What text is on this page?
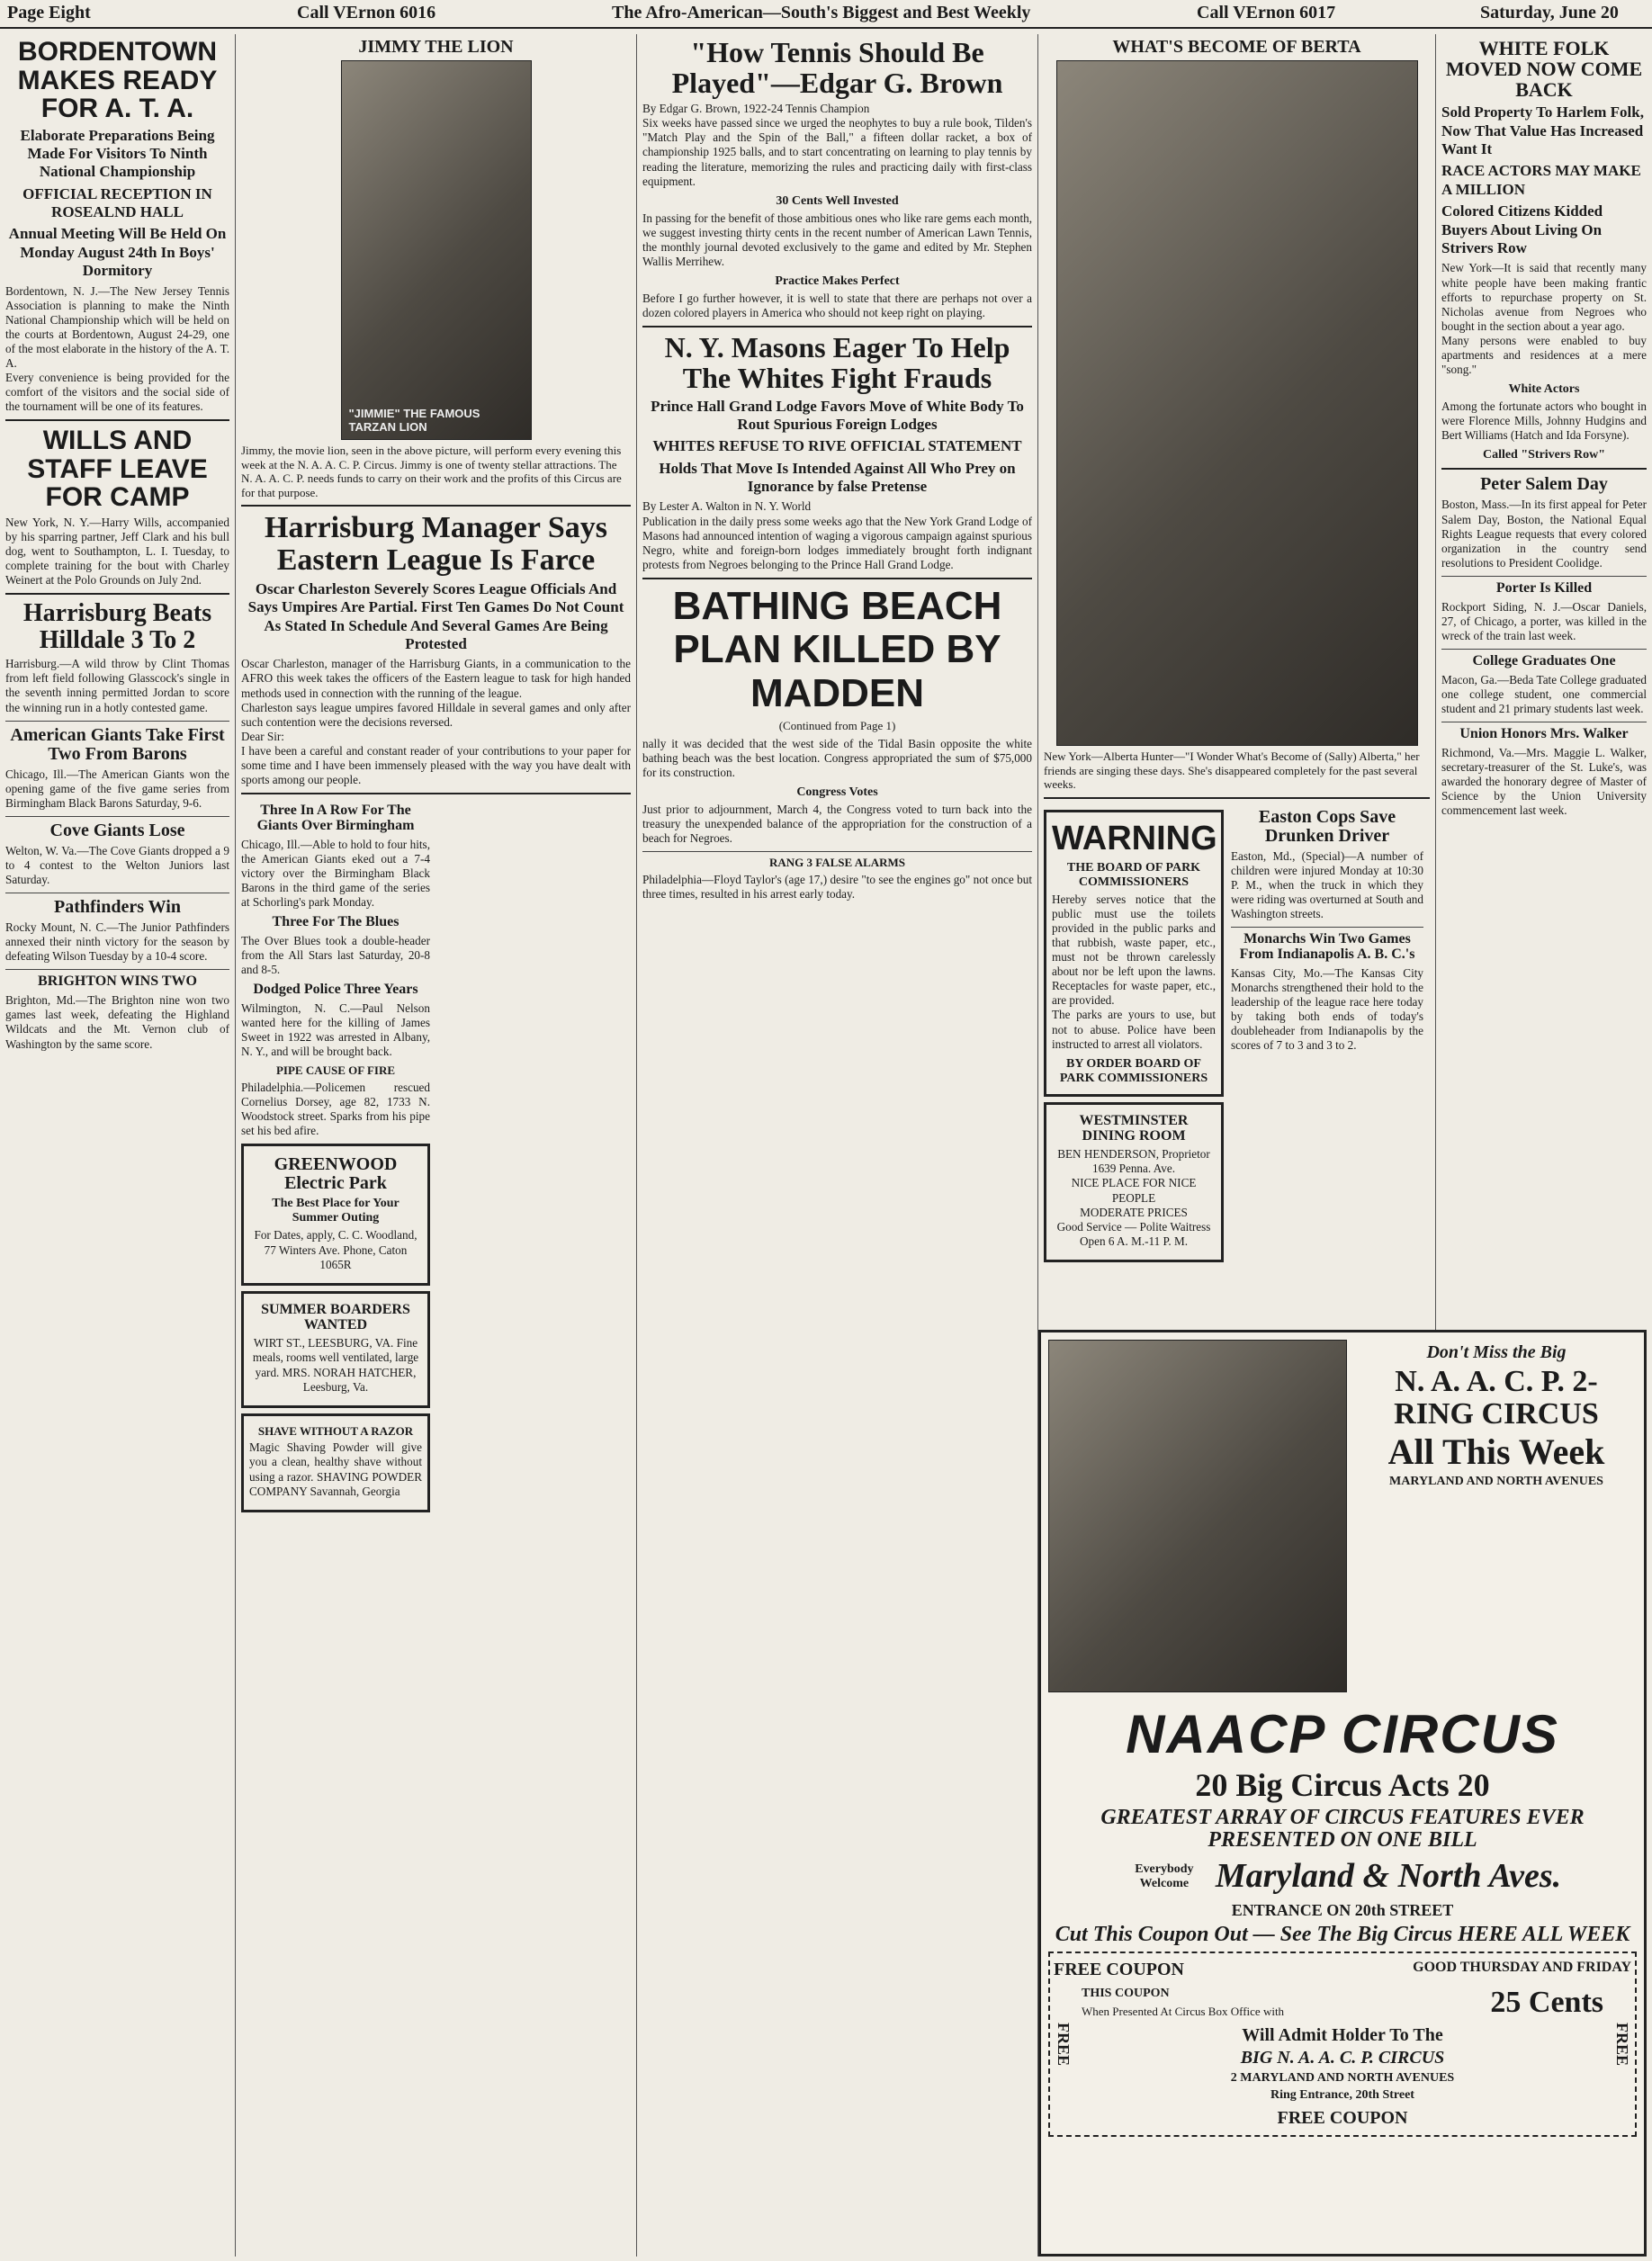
Page Eight	Call VErnon 6016	The Afro-American—South's Biggest and Best Weekly	Call VErnon 6017	Saturday, June 20
BORDENTOWN MAKES READY FOR A. T. A.
Elaborate Preparations Being Made For Visitors To Ninth National Championship
OFFICIAL RECEPTION IN ROSEALND HALL
Annual Meeting Will Be Held On Monday August 24th In Boys' Dormitory
Bordentown, N. J.—The New Jersey Tennis Association is planning to make the Ninth National Championship which will be held on the courts at Bordentown, August 24-29, one of the most elaborate in the history of the A. T. A.
Every convenience is being provided for the comfort of the visitors and the social side of the tournament will be one of its features.
WILLS AND STAFF LEAVE FOR CAMP
New York, N. Y.—Harry Wills, accompanied by his sparring partner, Jeff Clark and his bull dog, went to Southampton, L. I. Tuesday, to complete training for the bout with Charley Weinert at the Polo Grounds on July 2nd.
Harrisburg Beats Hilldale 3 To 2
Harrisburg.—A wild throw by Clint Thomas from left field following Glasscock's single in the seventh inning permitted Jordan to score the winning run in a hotly contested game.
American Giants Take First Two From Barons
Chicago, Ill.—The American Giants won the opening game of the five game series from Birmingham Black Barons Saturday, 9-6.
Cove Giants Lose
Welton, W. Va.—The Cove Giants dropped a 9 to 4 contest to the Welton Juniors last Saturday.
Pathfinders Win
Rocky Mount, N. C.—The Junior Pathfinders annexed their ninth victory for the season by defeating Wilson Tuesday by a 10-4 score.
BRIGHTON WINS TWO
Brighton, Md.—The Brighton nine won two games last week, defeating the Highland Wildcats and the Mt. Vernon club of Washington by the same score.
JIMMY THE LION
"JIMMIE" THE FAMOUS TARZAN LION
Jimmy, the movie lion, seen in the above picture, will perform every evening this week at the N. A. A. C. P. Circus. Jimmy is one of twenty stellar attractions. The N. A. A. C. P. needs funds to carry on their work and the profits of this Circus are for that purpose.
Harrisburg Manager Says Eastern League Is Farce
Oscar Charleston Severely Scores League Officials And Says Umpires Are Partial. First Ten Games Do Not Count As Stated In Schedule And Several Games Are Being Protested
Oscar Charleston, manager of the Harrisburg Giants, in a communication to the AFRO this week takes the officers of the Eastern league to task for high handed methods used in connection with the running of the league.
Charleston says league umpires favored Hilldale in several games and only after such contention were the decisions reversed.
Dear Sir:
I have been a careful and constant reader of your contributions to your paper for some time and I have been immensely pleased with the way you have dealt with sports among our people.
Three In A Row For The Giants Over Birmingham
Chicago, Ill.—Able to hold to four hits, the American Giants eked out a 7-4 victory over the Birmingham Black Barons in the third game of the series at Schorling's park Monday.
Three For The Blues
The Over Blues took a double-header from the All Stars last Saturday, 20-8 and 8-5.
Dodged Police Three Years
Wilmington, N. C.—Paul Nelson wanted here for the killing of James Sweet in 1922 was arrested in Albany, N. Y., and will be brought back.
PIPE CAUSE OF FIRE
Philadelphia.—Policemen rescued Cornelius Dorsey, age 82, 1733 N. Woodstock street. Sparks from his pipe set his bed afire.
GREENWOOD Electric Park
The Best Place for Your Summer Outing
For Dates, apply, C. C. Woodland, 77 Winters Ave. Phone, Caton 1065R
SUMMER BOARDERS WANTED
WIRT ST., LEESBURG, VA. Fine meals, rooms well ventilated, large yard. MRS. NORAH HATCHER, Leesburg, Va.
SHAVE WITHOUT A RAZOR
Magic Shaving Powder will give you a clean, healthy shave without using a razor. SHAVING POWDER COMPANY Savannah, Georgia
"How Tennis Should Be Played"—Edgar G. Brown
By Edgar G. Brown, 1922-24 Tennis Champion
Six weeks have passed since we urged the neophytes to buy a rule book, Tilden's "Match Play and the Spin of the Ball," a fifteen dollar racket, a box of championship 1925 balls, and to start concentrating on learning to play tennis by reading the literature, memorizing the rules and practicing daily with first-class equipment.
30 Cents Well Invested
In passing for the benefit of those ambitious ones who like rare gems each month, we suggest investing thirty cents in the recent number of American Lawn Tennis, the monthly journal devoted exclusively to the game and edited by Mr. Stephen Wallis Merrihew.
Practice Makes Perfect
Before I go further however, it is well to state that there are perhaps not over a dozen colored players in America who should not keep right on playing.
N. Y. Masons Eager To Help The Whites Fight Frauds
Prince Hall Grand Lodge Favors Move of White Body To Rout Spurious Foreign Lodges
WHITES REFUSE TO RIVE OFFICIAL STATEMENT
Holds That Move Is Intended Against All Who Prey on Ignorance by false Pretense
By Lester A. Walton in N. Y. World
Publication in the daily press some weeks ago that the New York Grand Lodge of Masons had announced intention of waging a vigorous campaign against spurious Negro, white and foreign-born lodges immediately brought forth indignant protests from Negroes belonging to the Prince Hall Grand Lodge.
BATHING BEACH PLAN KILLED BY MADDEN
(Continued from Page 1)
nally it was decided that the west side of the Tidal Basin opposite the white bathing beach was the best location. Congress appropriated the sum of $75,000 for its construction.
Congress Votes
Just prior to adjournment, March 4, the Congress voted to turn back into the treasury the unexpended balance of the appropriation for the construction of a beach for Negroes.
RANG 3 FALSE ALARMS
Philadelphia—Floyd Taylor's (age 17,) desire "to see the engines go" not once but three times, resulted in his arrest early today.
WHAT'S BECOME OF BERTA
New York—Alberta Hunter—"I Wonder What's Become of (Sally) Alberta," her friends are singing these days. She's disappeared completely for the past several weeks.
WARNING
THE BOARD OF PARK COMMISSIONERS
Hereby serves notice that the public must use the toilets provided in the public parks and that rubbish, waste paper, etc., must not be thrown carelessly about nor be left upon the lawns. Receptacles for waste paper, etc., are provided.
The parks are yours to use, but not to abuse. Police have been instructed to arrest all violators.
BY ORDER BOARD OF PARK COMMISSIONERS
WESTMINSTER DINING ROOM
BEN HENDERSON, Proprietor
1639 Penna. Ave.
NICE PLACE FOR NICE PEOPLE
MODERATE PRICES
Good Service — Polite Waitress
Open 6 A. M.-11 P. M.
Easton Cops Save Drunken Driver
Easton, Md., (Special)—A number of children were injured Monday at 10:30 P. M., when the truck in which they were riding was overturned at South and Washington streets.
Monarchs Win Two Games From Indianapolis A. B. C.'s
Kansas City, Mo.—The Kansas City Monarchs strengthened their hold to the leadership of the league race here today by taking both ends of today's doubleheader from Indianapolis by the scores of 7 to 3 and 3 to 2.
WHITE FOLK MOVED NOW COME BACK
Sold Property To Harlem Folk, Now That Value Has Increased Want It
RACE ACTORS MAY MAKE A MILLION
Colored Citizens Kidded Buyers About Living On Strivers Row
New York—It is said that recently many white people have been making frantic efforts to repurchase property on St. Nicholas avenue from Negroes who bought in the section about a year ago.
Many persons were enabled to buy apartments and residences at a mere "song."
White Actors
Among the fortunate actors who bought in were Florence Mills, Johnny Hudgins and Bert Williams (Hatch and Ida Forsyne).
Called "Strivers Row"
Peter Salem Day
Boston, Mass.—In its first appeal for Peter Salem Day, Boston, the National Equal Rights League requests that every colored organization in the country send resolutions to President Coolidge.
Porter Is Killed
Rockport Siding, N. J.—Oscar Daniels, 27, of Chicago, a porter, was killed in the wreck of the train last week.
College Graduates One
Macon, Ga.—Beda Tate College graduated one college student, one commercial student and 21 primary students last week.
Union Honors Mrs. Walker
Richmond, Va.—Mrs. Maggie L. Walker, secretary-treasurer of the St. Luke's, was awarded the honorary degree of Master of Science by the Union University commencement last week.
Don't Miss the Big
N. A. A. C. P. 2-RING CIRCUS
All This Week
MARYLAND AND NORTH AVENUES
NAACP CIRCUS
20 Big Circus Acts 20
GREATEST ARRAY OF CIRCUS FEATURES EVER PRESENTED ON ONE BILL
Everybody Welcome Maryland & North Aves.
ENTRANCE ON 20th STREET
Cut This Coupon Out — See The Big Circus HERE ALL WEEK
FREE COUPON	GOOD THURSDAY AND FRIDAY
FREE
THIS COUPON
When Presented At Circus Box Office with	25 Cents
Will Admit Holder To The
BIG N. A. A. C. P. CIRCUS
2 MARYLAND AND NORTH AVENUES
Ring Entrance, 20th Street
FREE
FREE COUPON
